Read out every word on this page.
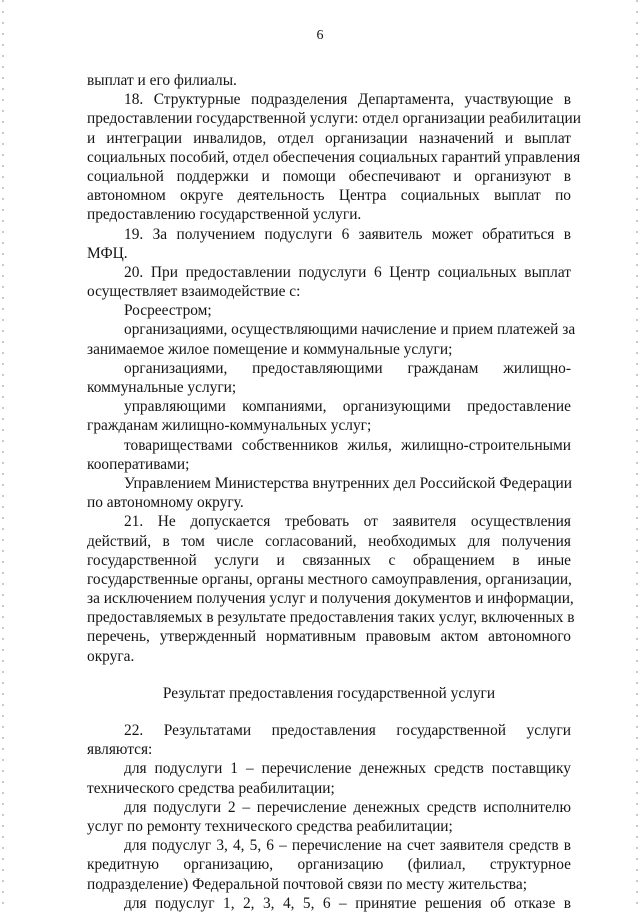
6
выплат и его филиалы.
18. Структурные подразделения Департамента, участвующие в
предоставлении государственной услуги: отдел организации реабилитации
и интеграции инвалидов, отдел организации назначений и выплат
социальных пособий, отдел обеспечения социальных гарантий управления
социальной поддержки и помощи обеспечивают и организуют в
автономном округе деятельность Центра социальных выплат по
предоставлению государственной услуги.
19. За получением подуслуги 6 заявитель может обратиться в
МФЦ.
20. При предоставлении подуслуги 6 Центр социальных выплат
осуществляет взаимодействие с:
Росреестром;
организациями, осуществляющими начисление и прием платежей за
занимаемое жилое помещение и коммунальные услуги;
организациями, предоставляющими гражданам жилищно-
коммунальные услуги;
управляющими компаниями, организующими предоставление
гражданам жилищно-коммунальных услуг;
товариществами собственников жилья, жилищно-строительными
кооперативами;
Управлением Министерства внутренних дел Российской Федерации
по автономному округу.
21. Не допускается требовать от заявителя осуществления
действий, в том числе согласований, необходимых для получения
государственной услуги и связанных с обращением в иные
государственные органы, органы местного самоуправления, организации,
за исключением получения услуг и получения документов и информации,
предоставляемых в результате предоставления таких услуг, включенных в
перечень, утвержденный нормативным правовым актом автономного
округа.
Результат предоставления государственной услуги
22. Результатами предоставления государственной услуги
являются:
для подуслуги 1 – перечисление денежных средств поставщику
технического средства реабилитации;
для подуслуги 2 – перечисление денежных средств исполнителю
услуг по ремонту технического средства реабилитации;
для подуслуг 3, 4, 5, 6 – перечисление на счет заявителя средств в
кредитную организацию, организацию (филиал, структурное
подразделение) Федеральной почтовой связи по месту жительства;
для подуслуг 1, 2, 3, 4, 5, 6 – принятие решения об отказе в
